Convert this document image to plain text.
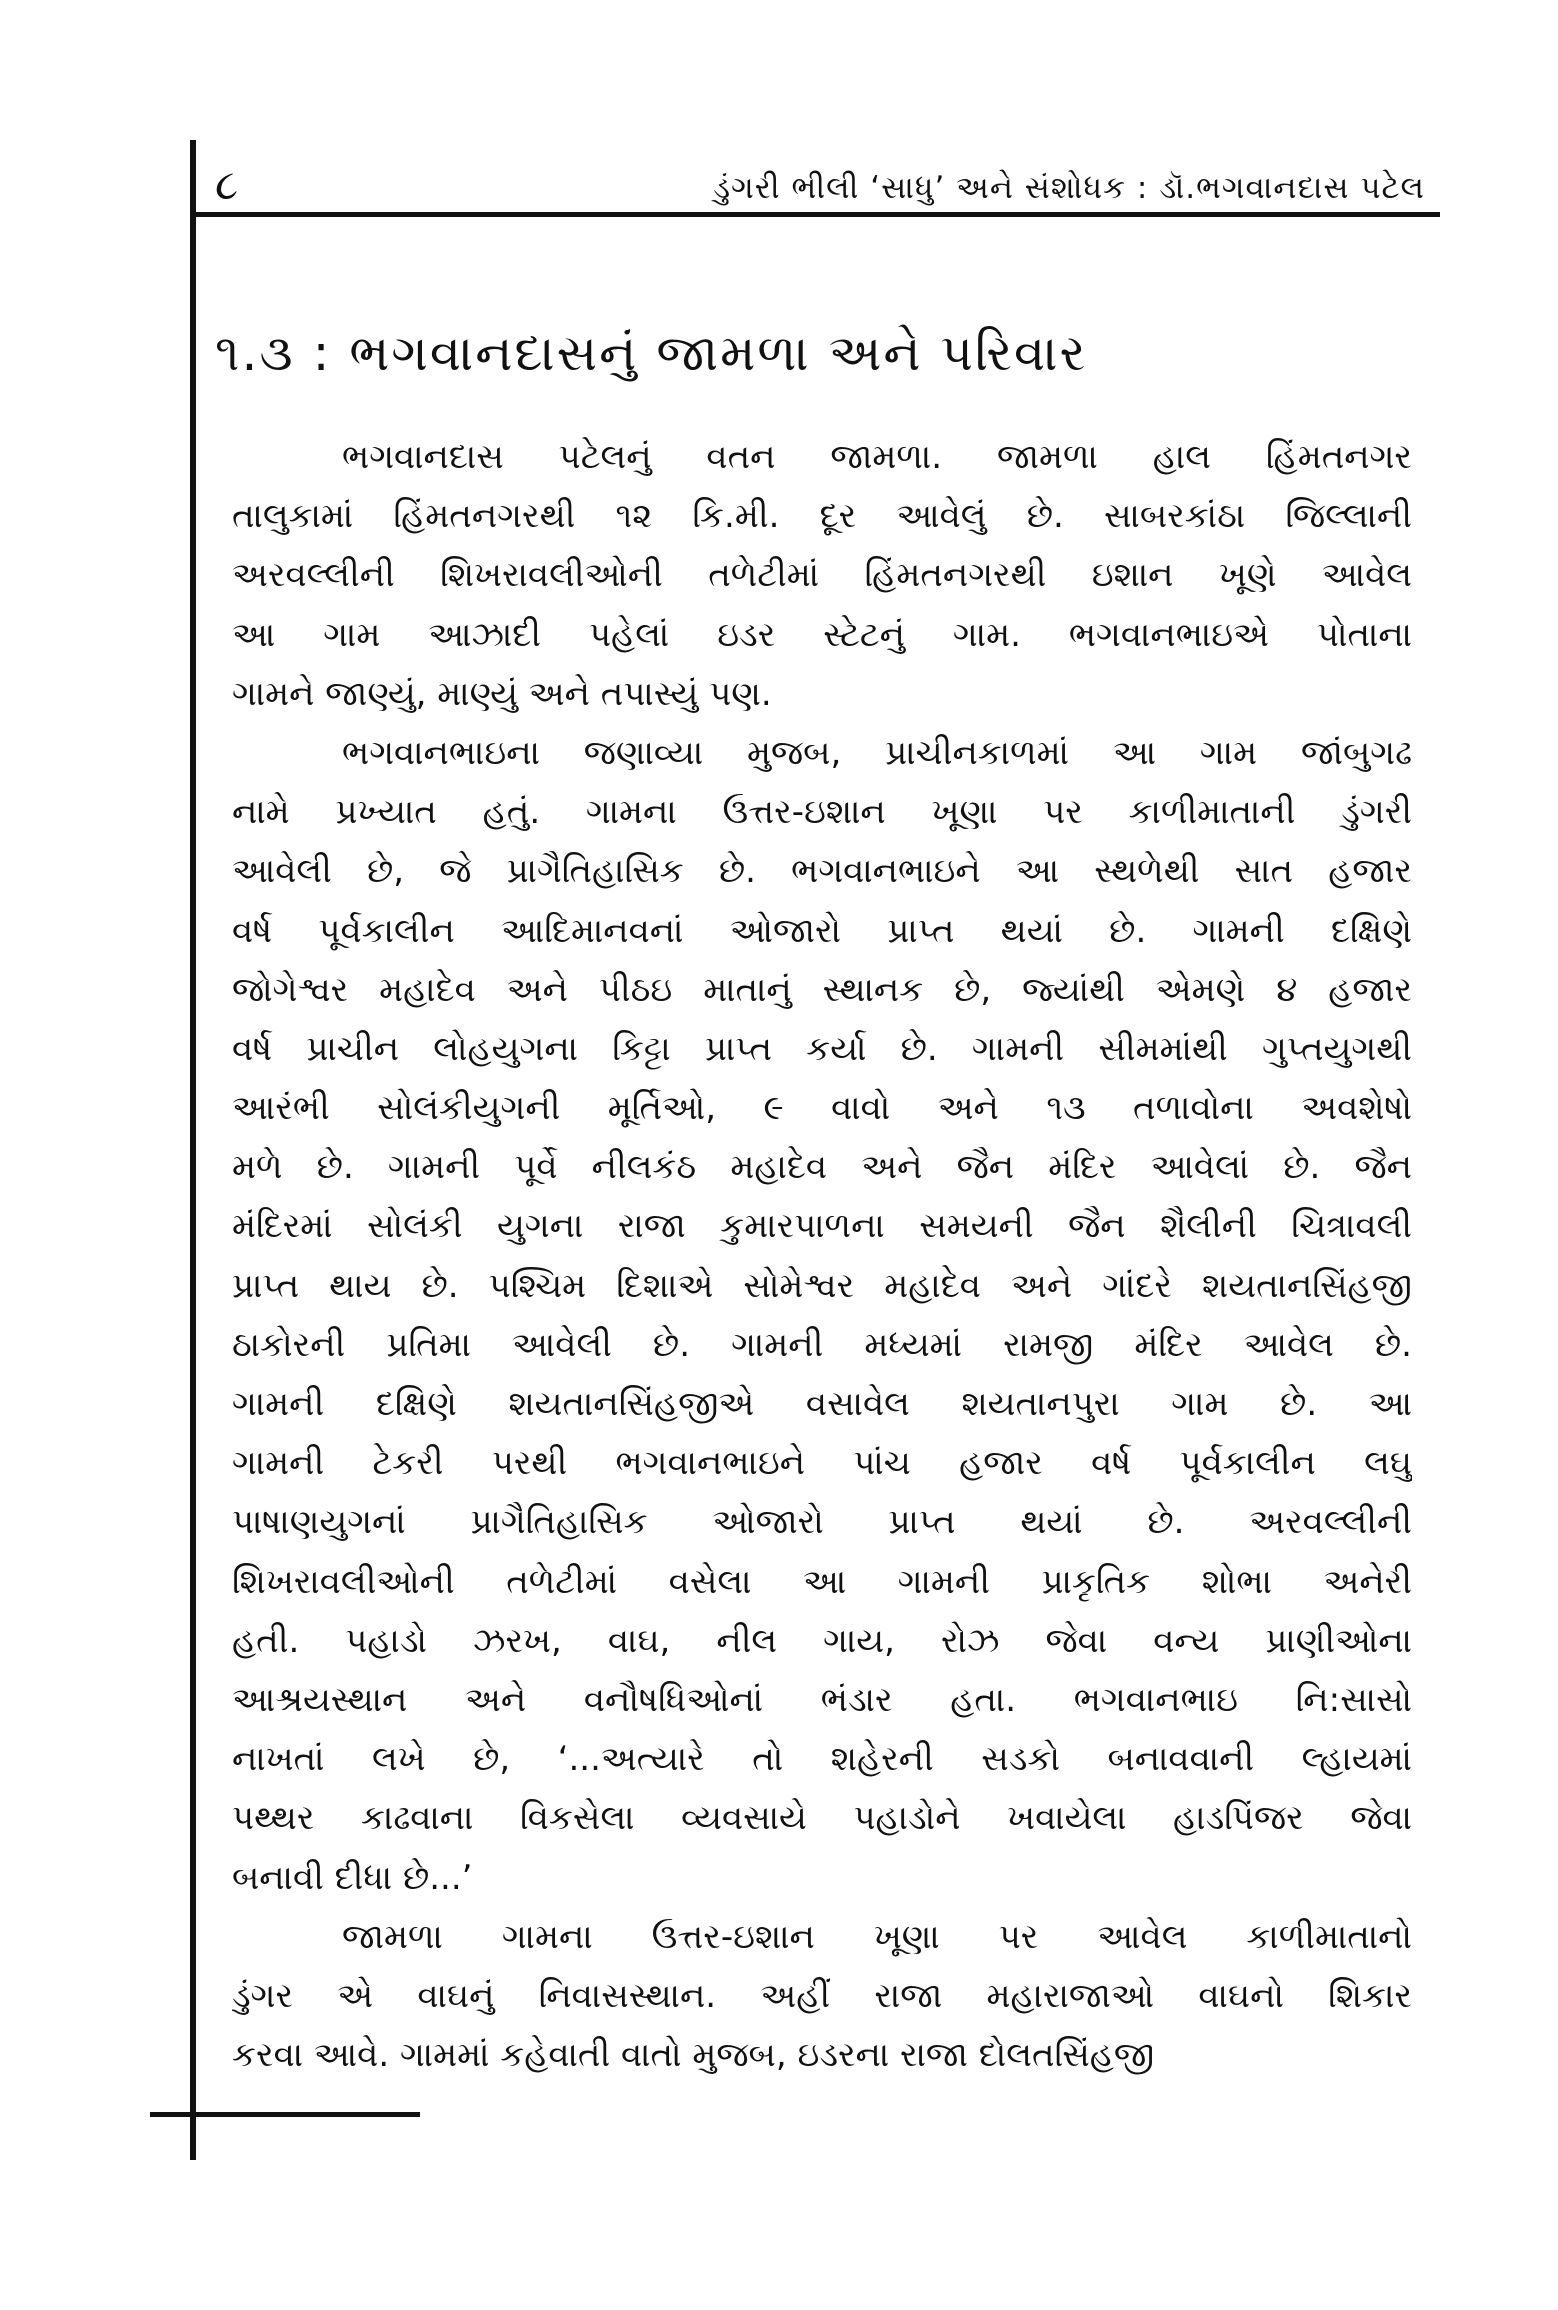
૮	ડુંગરી ભીલી ‘સાધુ’ અને સંશોધક : ડૉ.ભગવાનદાસ પટેલ
૧.૩ : ભગવાનદાસનું જામળા અને પરિવાર
ભગવાનદાસ પટેલનું વતન જામળા. જામળા હાલ હિંમતનગર
તાલુકામાં હિંમતનગરથી ૧૨ કિ.મી. દૂર આવેલું છે. સાબરકાંઠા જિલ્લાની
અરવલ્લીની શિખરાવલીઓની તળેટીમાં હિંમતનગરથી ઇશાન ખૂણે આવેલ
આ ગામ આઝાદી પહેલાં ઇડર સ્ટેટનું ગામ. ભગવાનભાઇએ પોતાના
ગામને જાણ્યું, માણ્યું અને તપાસ્યું પણ.
ભગવાનભાઇના જણાવ્યા મુજબ, પ્રાચીનકાળમાં આ ગામ જાંબુગઢ
નામે પ્રખ્યાત હતું. ગામના ઉત્તર-ઇશાન ખૂણા પર કાળીમાતાની ડુંગરી
આવેલી છે, જે પ્રાગૈતિહાસિક છે. ભગવાનભાઇને આ સ્થળેથી સાત હજાર
વર્ષ પૂર્વકાલીન આદિમાનવનાં ઓજારો પ્રાપ્ત થયાં છે. ગામની દક્ષિણે
જોગેશ્વર મહાદેવ અને પીઠઇ માતાનું સ્થાનક છે, જ્યાંથી એમણે ૪ હજાર
વર્ષ પ્રાચીન લોહયુગના કિટ્ટા પ્રાપ્ત કર્યા છે. ગામની સીમમાંથી ગુપ્તયુગથી
આરંભી સોલંકીયુગની મૂર્તિઓ, ૯ વાવો અને ૧૩ તળાવોના અવશેષો
મળે છે. ગામની પૂર્વે નીલકંઠ મહાદેવ અને જૈન મંદિર આવેલાં છે. જૈન
મંદિરમાં સોલંકી યુગના રાજા કુમારપાળના સમયની જૈન શૈલીની ચિત્રાવલી
પ્રાપ્ત થાય છે. પશ્ચિમ દિશાએ સોમેશ્વર મહાદેવ અને ગાંદરે શયતાનસિંહજી
ઠાકોરની પ્રતિમા આવેલી છે. ગામની મધ્યમાં રામજી મંદિર આવેલ છે.
ગામની દક્ષિણે શયતાનસિંહજીએ વસાવેલ શયતાનપુરા ગામ છે. આ
ગામની ટેકરી પરથી ભગવાનભાઇને પાંચ હજાર વર્ષ પૂર્વકાલીન લઘુ
પાષાણયુગનાં પ્રાગૈતિહાસિક ઓજારો પ્રાપ્ત થયાં છે. અરવલ્લીની
શિખરાવલીઓની તળેટીમાં વસેલા આ ગામની પ્રાકૃતિક શોભા અનેરી
હતી. પહાડો ઝરખ, વાઘ, નીલ ગાય, રોઝ જેવા વન્ય પ્રાણીઓના
આશ્રયસ્થાન અને વનૌષધિઓનાં ભંડાર હતા. ભગવાનભાઇ નિ:સાસો
નાખતાં લખે છે, ‘...અત્યારે તો શહેરની સડકો બનાવવાની લ્હાયમાં
પથ્થર કાઢવાના વિકસેલા વ્યવસાયે પહાડોને ખવાયેલા હાડપિંજર જેવા
બનાવી દીધા છે...’
જામળા ગામના ઉત્તર-ઇશાન ખૂણા પર આવેલ કાળીમાતાનો
ડુંગર એ વાઘનું નિવાસસ્થાન. અહીં રાજા મહારાજાઓ વાઘનો શિકાર
કરવા આવે. ગામમાં કહેવાતી વાતો મુજબ, ઇડરના રાજા દોલતસિંહજી
